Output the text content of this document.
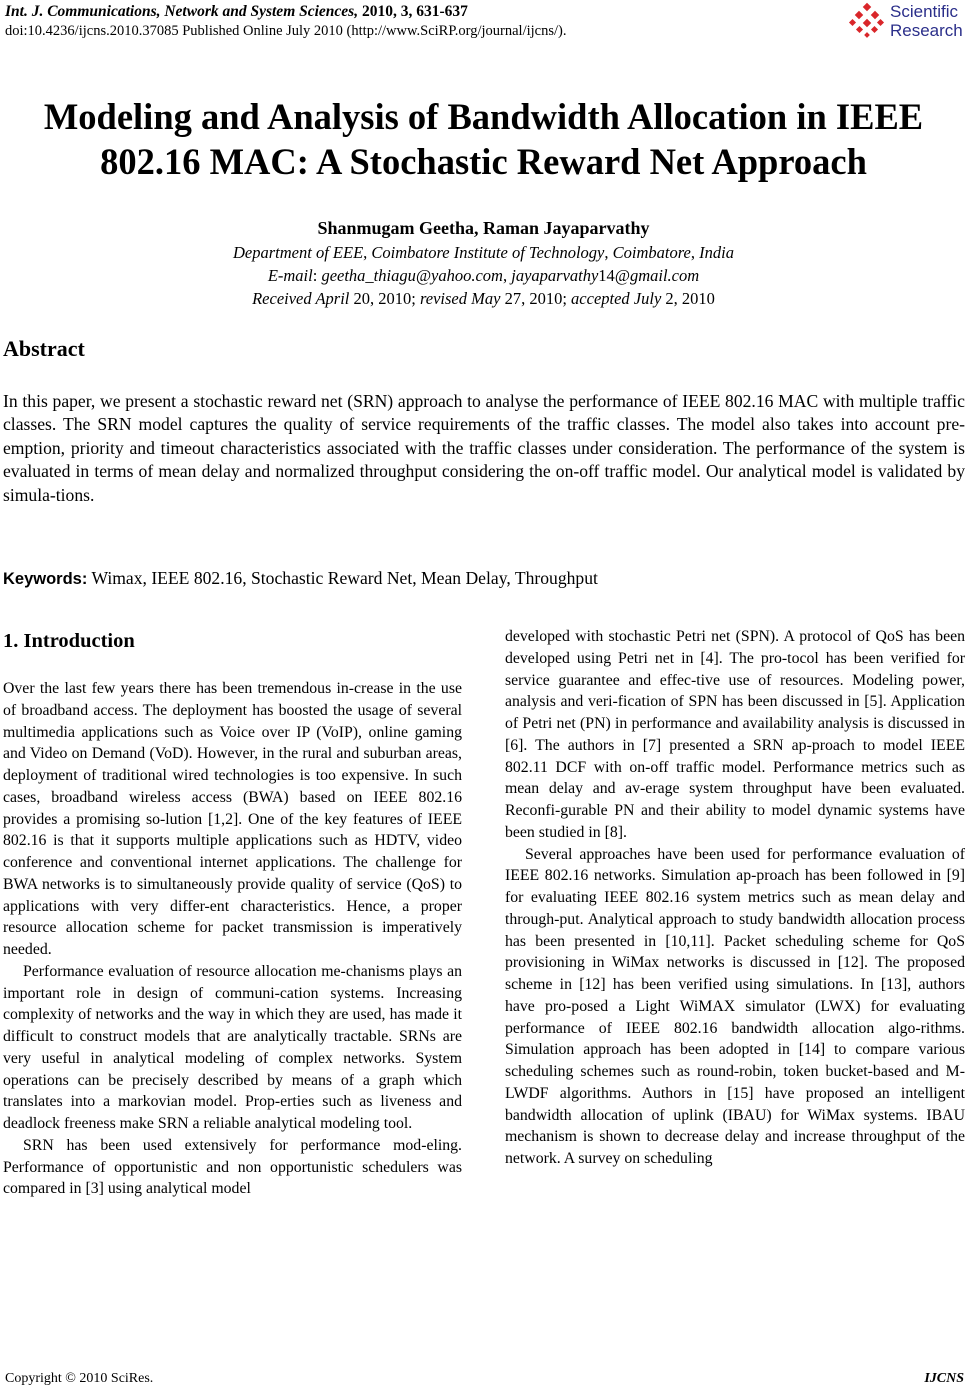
Int. J. Communications, Network and System Sciences, 2010, 3, 631-637
doi:10.4236/ijcns.2010.37085 Published Online July 2010 (http://www.SciRP.org/journal/ijcns/).
Scientific
Research
Modeling and Analysis of Bandwidth Allocation in IEEE
802.16 MAC: A Stochastic Reward Net Approach
Shanmugam Geetha, Raman Jayaparvathy
Department of EEE, Coimbatore Institute of Technology, Coimbatore, India
E-mail: geetha_thiagu@yahoo.com, jayaparvathy14@gmail.com
Received April 20, 2010; revised May 27, 2010; accepted July 2, 2010
Abstract
In this paper, we present a stochastic reward net (SRN) approach to analyse the performance of IEEE 802.16 MAC with multiple traffic classes. The SRN model captures the quality of service requirements of the traffic classes. The model also takes into account pre-emption, priority and timeout characteristics associated with the traffic classes under consideration. The performance of the system is evaluated in terms of mean delay and normalized throughput considering the on-off traffic model. Our analytical model is validated by simula-tions.
Keywords: Wimax, IEEE 802.16, Stochastic Reward Net, Mean Delay, Throughput
1. Introduction

Over the last few years there has been tremendous in-crease in the use of broadband access. The deployment has boosted the usage of several multimedia applications such as Voice over IP (VoIP), online gaming and Video on Demand (VoD). However, in the rural and suburban areas, deployment of traditional wired technologies is too expensive. In such cases, broadband wireless access (BWA) based on IEEE 802.16 provides a promising so-lution [1,2]. One of the key features of IEEE 802.16 is that it supports multiple applications such as HDTV, video conference and conventional internet applications. The challenge for BWA networks is to simultaneously provide quality of service (QoS) to applications with very differ-ent characteristics. Hence, a proper resource allocation scheme for packet transmission is imperatively needed.

Performance evaluation of resource allocation me-chanisms plays an important role in design of communi-cation systems. Increasing complexity of networks and the way in which they are used, has made it difficult to construct models that are analytically tractable. SRNs are very useful in analytical modeling of complex networks. System operations can be precisely described by means of a graph which translates into a markovian model. Prop-erties such as liveness and deadlock freeness make SRN a reliable analytical modeling tool.

SRN has been used extensively for performance mod-eling. Performance of opportunistic and non opportunistic schedulers was compared in [3] using analytical model

developed with stochastic Petri net (SPN). A protocol of QoS has been developed using Petri net in [4]. The pro-tocol has been verified for service guarantee and effec-tive use of resources. Modeling power, analysis and veri-fication of SPN has been discussed in [5]. Application of Petri net (PN) in performance and availability analysis is discussed in [6]. The authors in [7] presented a SRN ap-proach to model IEEE 802.11 DCF with on-off traffic model. Performance metrics such as mean delay and av-erage system throughput have been evaluated. Reconfi-gurable PN and their ability to model dynamic systems have been studied in [8].

Several approaches have been used for performance evaluation of IEEE 802.16 networks. Simulation ap-proach has been followed in [9] for evaluating IEEE 802.16 system metrics such as mean delay and through-put. Analytical approach to study bandwidth allocation process has been presented in [10,11]. Packet scheduling scheme for QoS provisioning in WiMax networks is discussed in [12]. The proposed scheme in [12] has been verified using simulations. In [13], authors have pro-posed a Light WiMAX simulator (LWX) for evaluating performance of IEEE 802.16 bandwidth allocation algo-rithms. Simulation approach has been adopted in [14] to compare various scheduling schemes such as round-robin, token bucket-based and M-LWDF algorithms. Authors in [15] have proposed an intelligent bandwidth allocation of uplink (IBAU) for WiMax systems. IBAU mechanism is shown to decrease delay and increase throughput of the network. A survey on scheduling

Copyright © 2010 SciRes.	IJCNS
